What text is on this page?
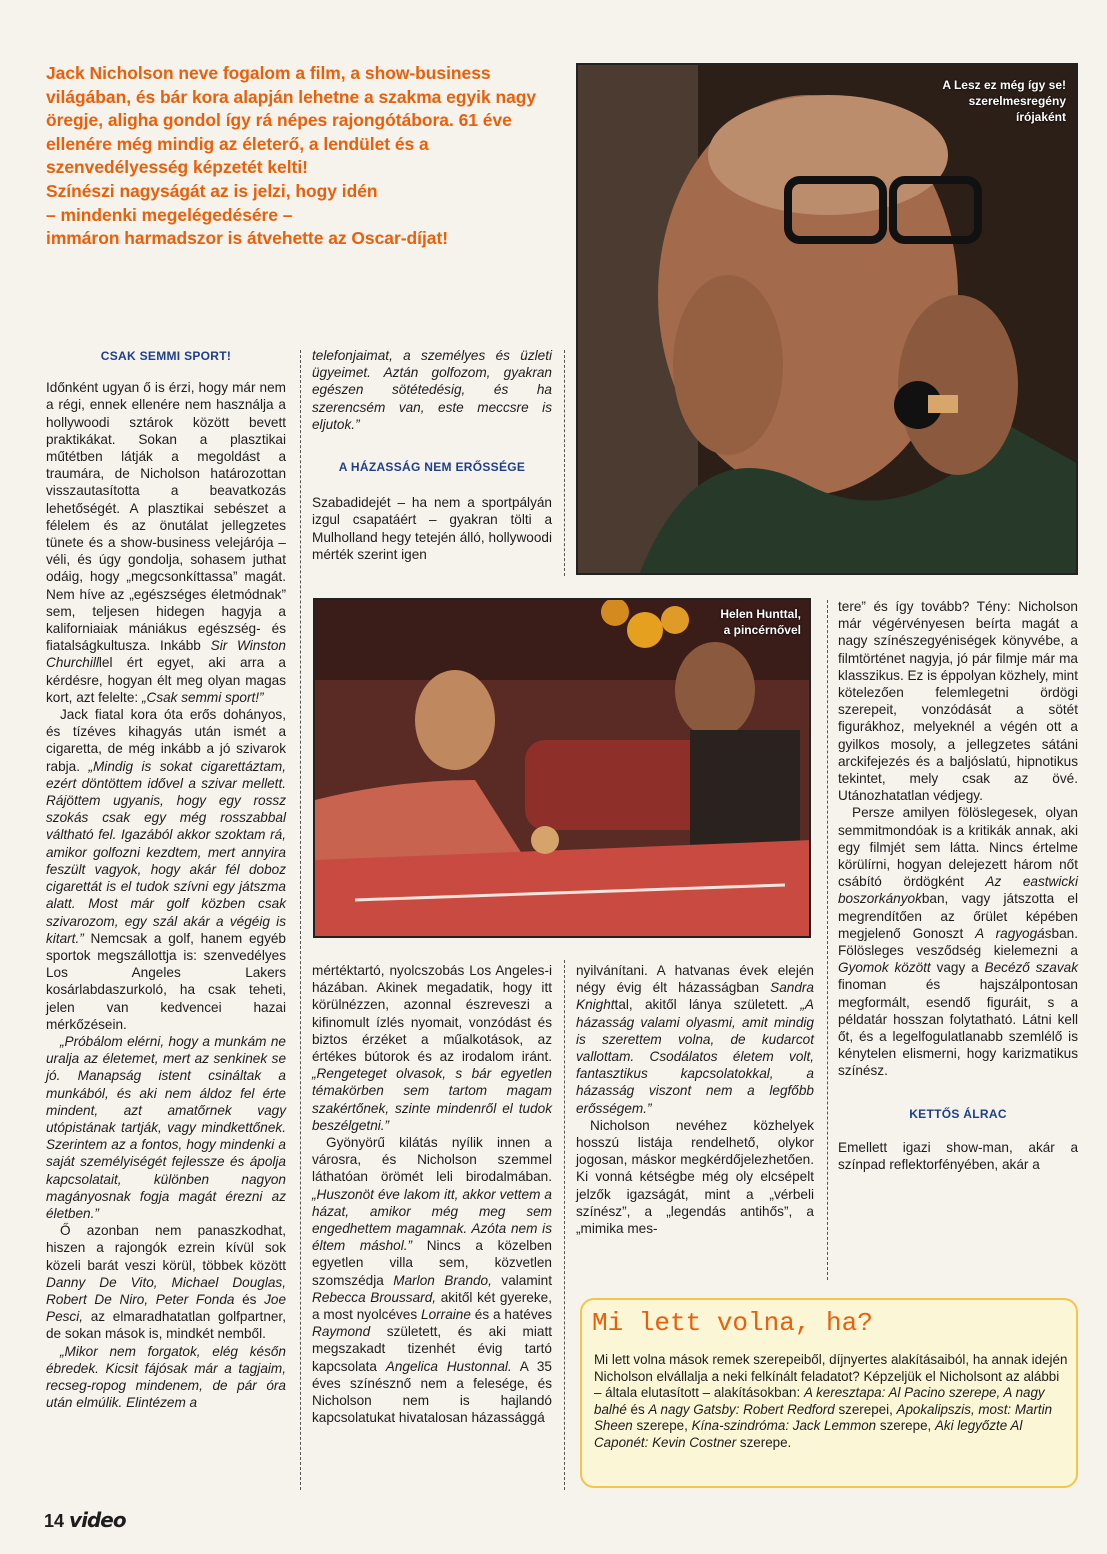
Jack Nicholson neve fogalom a film, a show-business világában, és bár kora alapján lehetne a szakma egyik nagy öregje, aligha gondol így rá népes rajongótábora. 61 éve ellenére még mindig az életerő, a lendület és a szenvedélyesség képzetét kelti!
Színészi nagyságát az is jelzi, hogy idén
– mindenki megelégedésére –
immáron harmadszor is átvehette az Oscar-díjat!
A Lesz ez még így se!
szerelmesregény
írójaként
Helen Hunttal,
a pincérnővel
CSAK SEMMI SPORT!

Időnként ugyan ő is érzi, hogy már nem a régi, ennek ellenére nem használja a hollywoodi sztárok között bevett praktikákat. Sokan a plasztikai műtétben látják a megoldást a traumára, de Nicholson határozottan visszautasította a beavatkozás lehetőségét. A plasztikai sebészet a félelem és az önutálat jellegzetes tünete és a show-business velejárója – véli, és úgy gondolja, sohasem juthat odáig, hogy „megcsonkíttassa” magát. Nem híve az „egészséges életmódnak” sem, teljesen hidegen hagyja a kaliforniaiak mániákus egészség- és fiatalságkultusza. Inkább Sir Winston Churchilllel ért egyet, aki arra a kérdésre, hogyan élt meg olyan magas kort, azt felelte: „Csak semmi sport!”

Jack fiatal kora óta erős dohányos, és tízéves kihagyás után ismét a cigaretta, de még inkább a jó szivarok rabja. „Mindig is sokat cigarettáztam, ezért döntöttem idővel a szivar mellett. Rájöttem ugyanis, hogy egy rossz szokás csak egy még rosszabbal váltható fel. Igazából akkor szoktam rá, amikor golfozni kezdtem, mert annyira feszült vagyok, hogy akár fél doboz cigarettát is el tudok szívni egy játszma alatt. Most már golf közben csak szivarozom, egy szál akár a végéig is kitart.” Nemcsak a golf, hanem egyéb sportok megszállottja is: szenvedélyes Los Angeles Lakers kosárlabdaszurkoló, ha csak teheti, jelen van kedvencei hazai mérkőzésein.

„Próbálom elérni, hogy a munkám ne uralja az életemet, mert az senkinek se jó. Manapság istent csináltak a munkából, és aki nem áldoz fel érte mindent, azt amatőrnek vagy utópistának tartják, vagy mindkettőnek. Szerintem az a fontos, hogy mindenki a saját személyiségét fejlessze és ápolja kapcsolatait, különben nagyon magányosnak fogja magát érezni az életben.”

Ő azonban nem panaszkodhat, hiszen a rajongók ezrein kívül sok közeli barát veszi körül, többek között Danny De Vito, Michael Douglas, Robert De Niro, Peter Fonda és Joe Pesci, az elmaradhatatlan golfpartner, de sokan mások is, mindkét nemből.

„Mikor nem forgatok, elég későn ébredek. Kicsit fájósak már a tagjaim, recseg-ropog mindenem, de pár óra után elmúlik. Elintézem a

telefonjaimat, a személyes és üzleti ügyeimet. Aztán golfozom, gyakran egészen sötétedésig, és ha szerencsém van, este meccsre is eljutok.”

A HÁZASSÁG NEM ERŐSSÉGE

Szabadidejét – ha nem a sportpályán izgul csapatáért – gyakran tölti a Mulholland hegy tetején álló, hollywoodi mérték szerint igen

mértéktartó, nyolcszobás Los Angeles-i házában. Akinek megadatik, hogy itt körülnézzen, azonnal észreveszi a kifinomult ízlés nyomait, vonzódást és biztos érzéket a műalkotások, az értékes bútorok és az irodalom iránt. „Rengeteget olvasok, s bár egyetlen témakörben sem tartom magam szakértőnek, szinte mindenről el tudok beszélgetni.”

Gyönyörű kilátás nyílik innen a városra, és Nicholson szemmel láthatóan örömét leli birodalmában. „Huszonöt éve lakom itt, akkor vettem a házat, amikor még meg sem engedhettem magamnak. Azóta nem is éltem máshol.” Nincs a közelben egyetlen villa sem, közvetlen szomszédja Marlon Brando, valamint Rebecca Broussard, akitől két gyereke, a most nyolcéves Lorraine és a hatéves Raymond született, és aki miatt megszakadt tizenhét évig tartó kapcsolata Angelica Hustonnal. A 35 éves színésznő nem a felesége, és Nicholson nem is hajlandó kapcsolatukat hivatalosan házassággá

nyilvánítani. A hatvanas évek elején négy évig élt házasságban Sandra Knighttal, akitől lánya született. „A házasság valami olyasmi, amit mindig is szerettem volna, de kudarcot vallottam. Csodálatos életem volt, fantasztikus kapcsolatokkal, a házasság viszont nem a legfőbb erősségem.”

Nicholson nevéhez közhelyek hosszú listája rendelhető, olykor jogosan, máskor megkérdőjelezhetően. Ki vonná kétségbe még oly elcsépelt jelzők igazságát, mint a „vérbeli színész”, a „legendás antihős”, a „mimika mes-

tere” és így tovább? Tény: Nicholson már végérvényesen beírta magát a nagy színészegyéniségek könyvébe, a filmtörténet nagyja, jó pár filmje már ma klasszikus. Ez is éppolyan közhely, mint kötelezően felemlegetni ördögi szerepeit, vonzódását a sötét figurákhoz, melyeknél a végén ott a gyilkos mosoly, a jellegzetes sátáni arckifejezés és a baljóslatú, hipnotikus tekintet, mely csak az övé. Utánozhatatlan védjegy.

Persze amilyen fölöslegesek, olyan semmitmondóak is a kritikák annak, aki egy filmjét sem látta. Nincs értelme körülírni, hogyan delejezett három nőt csábító ördögként Az eastwicki boszorkányokban, vagy játszotta el megrendítően az őrület képében megjelenő Gonoszt A ragyogásban. Fölösleges vesződség kielemezni a Gyomok között vagy a Becéző szavak finoman és hajszálpontosan megformált, esendő figuráit, s a példatár hosszan folytatható. Látni kell őt, és a legelfogulatlanabb szemlélő is kénytelen elismerni, hogy karizmatikus színész.

KETTŐS ÁLRAC

Emellett igazi show-man, akár a színpad reflektorfényében, akár a

Mi lett volna, ha?
Mi lett volna mások remek szerepeiből, díjnyertes alakításaiból, ha annak idején Nicholson elvállalja a neki felkínált feladatot? Képzeljük el Nicholsont az alábbi – általa elutasított – alakításokban: A keresztapa: Al Pacino szerepe, A nagy balhé és A nagy Gatsby: Robert Redford szerepei, Apokalipszis, most: Martin Sheen szerepe, Kína-szindróma: Jack Lemmon szerepe, Aki legyőzte Al Caponét: Kevin Costner szerepe.
14 video
